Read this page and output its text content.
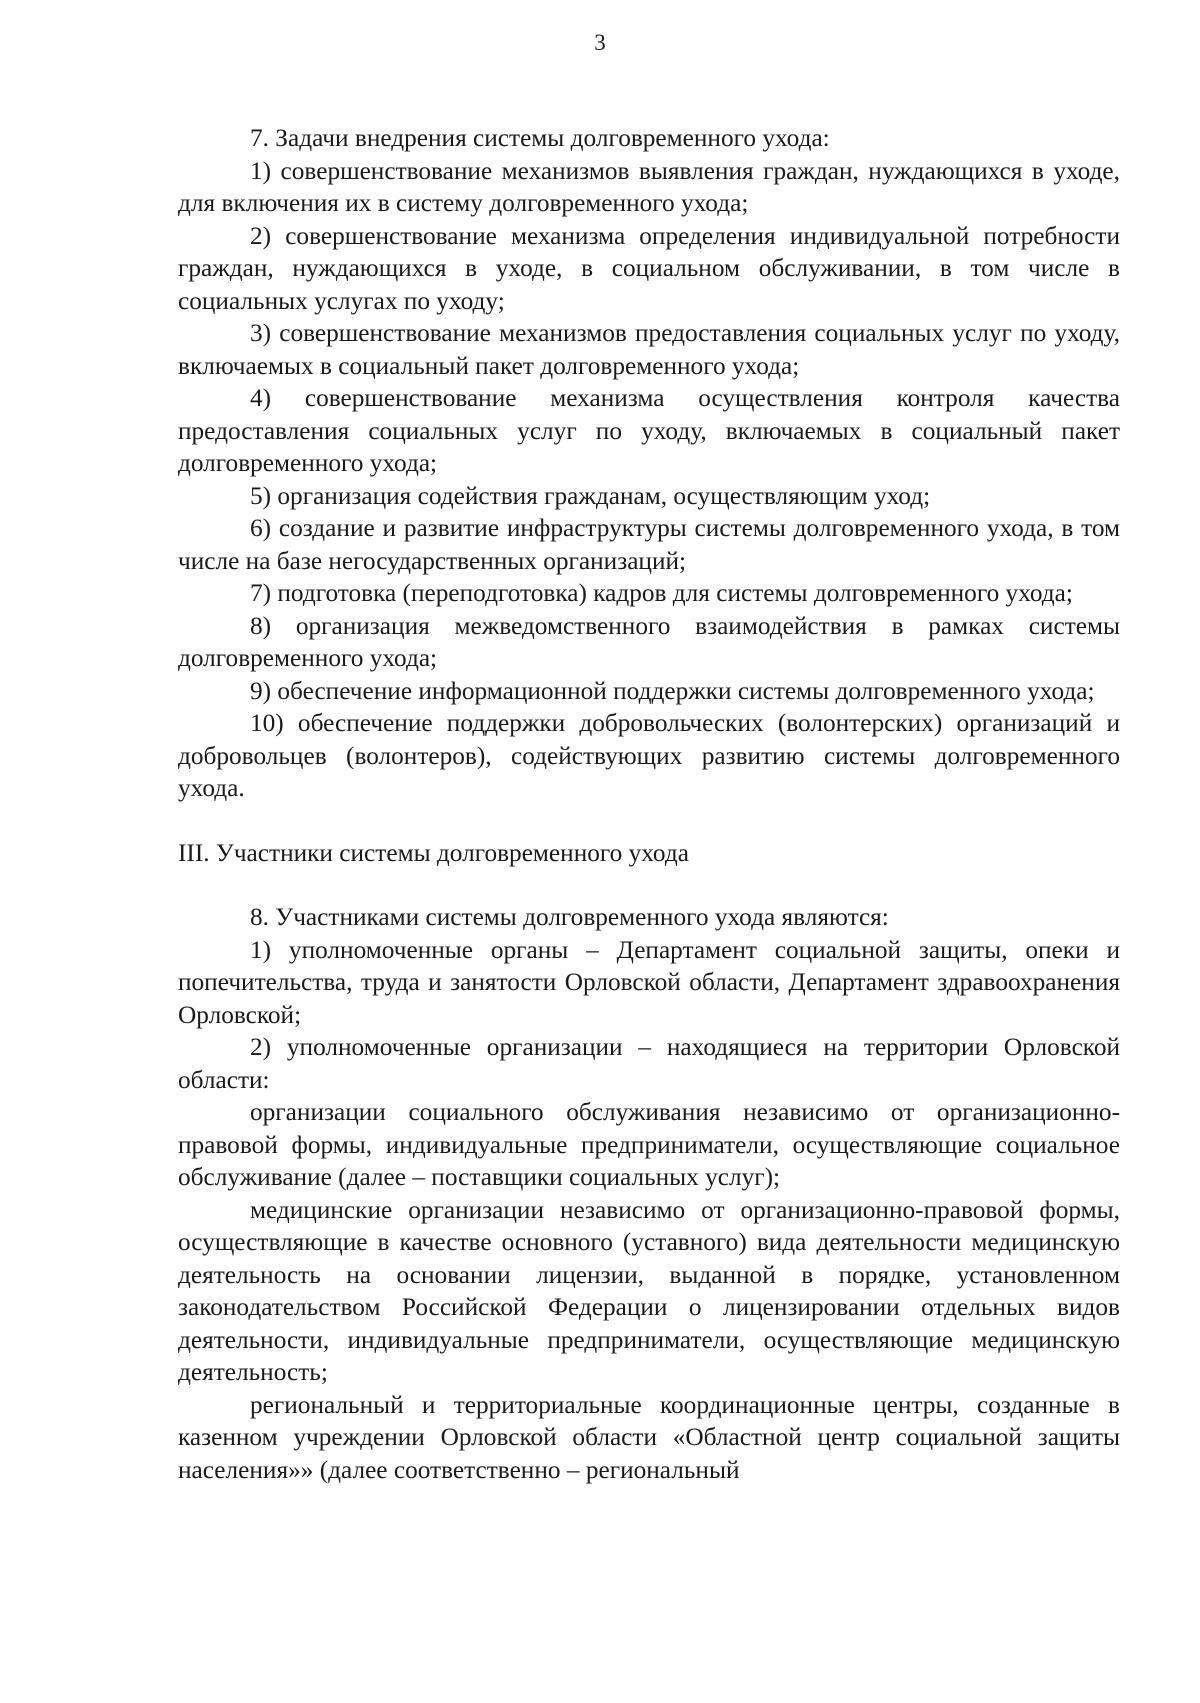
3

7. Задачи внедрения системы долговременного ухода:

1) совершенствование механизмов выявления граждан, нуждающихся в уходе, для включения их в систему долговременного ухода;

2) совершенствование механизма определения индивидуальной потребности граждан, нуждающихся в уходе, в социальном обслуживании, в том числе в социальных услугах по уходу;

3) совершенствование механизмов предоставления социальных услуг по уходу, включаемых в социальный пакет долговременного ухода;

4) совершенствование механизма осуществления контроля качества предоставления социальных услуг по уходу, включаемых в социальный пакет долговременного ухода;

5) организация содействия гражданам, осуществляющим уход;

6) создание и развитие инфраструктуры системы долговременного ухода, в том числе на базе негосударственных организаций;

7) подготовка (переподготовка) кадров для системы долговременного ухода;

8) организация межведомственного взаимодействия в рамках системы долговременного ухода;

9) обеспечение информационной поддержки системы долговременного ухода;

10) обеспечение поддержки добровольческих (волонтерских) организаций и добровольцев (волонтеров), содействующих развитию системы долговременного ухода.

III. Участники системы долговременного ухода

8. Участниками системы долговременного ухода являются:

1) уполномоченные органы – Департамент социальной защиты, опеки и попечительства, труда и занятости Орловской области, Департамент здравоохранения Орловской;

2) уполномоченные организации – находящиеся на территории Орловской области:

организации социального обслуживания независимо от организационно-правовой формы, индивидуальные предприниматели, осуществляющие социальное обслуживание (далее – поставщики социальных услуг);

медицинские организации независимо от организационно-правовой формы, осуществляющие в качестве основного (уставного) вида деятельности медицинскую деятельность на основании лицензии, выданной в порядке, установленном законодательством Российской Федерации о лицензировании отдельных видов деятельности, индивидуальные предприниматели, осуществляющие медицинскую деятельность;

региональный и территориальные координационные центры, созданные в казенном учреждении Орловской области «Областной центр социальной защиты населения»» (далее соответственно – региональный
